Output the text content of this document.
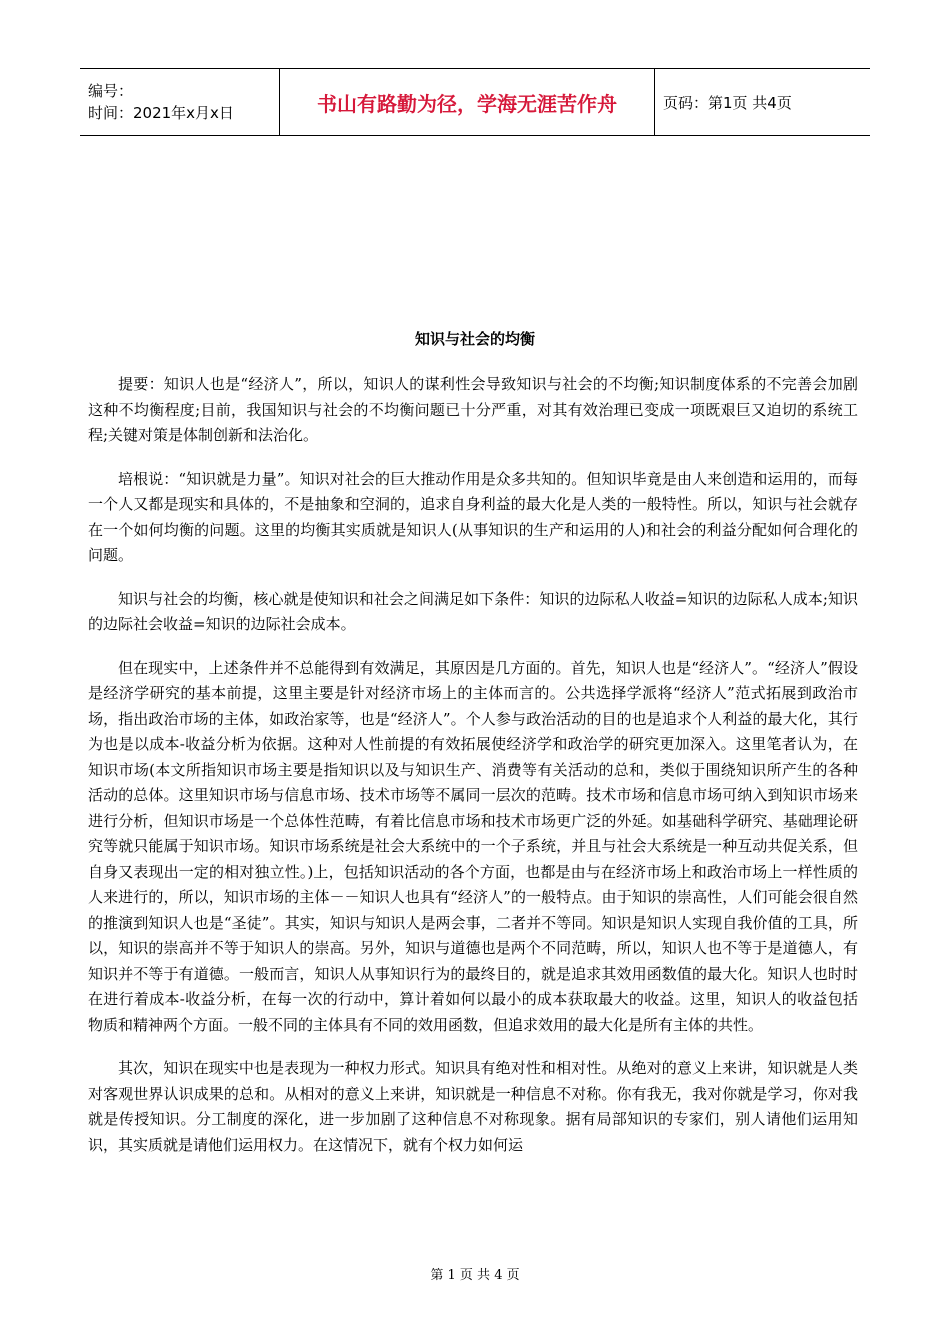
编号：
时间：2021年x月x日	书山有路勤为径，学海无涯苦作舟	页码：第1页 共4页
知识与社会的均衡

提要：知识人也是“经济人”，所以，知识人的谋利性会导致知识与社会的不均衡;知识制度体系的不完善会加剧这种不均衡程度;目前，我国知识与社会的不均衡问题已十分严重，对其有效治理已变成一项既艰巨又迫切的系统工程;关键对策是体制创新和法治化。

培根说：“知识就是力量”。知识对社会的巨大推动作用是众多共知的。但知识毕竟是由人来创造和运用的，而每一个人又都是现实和具体的，不是抽象和空洞的，追求自身利益的最大化是人类的一般特性。所以，知识与社会就存在一个如何均衡的问题。这里的均衡其实质就是知识人(从事知识的生产和运用的人)和社会的利益分配如何合理化的问题。

知识与社会的均衡，核心就是使知识和社会之间满足如下条件：知识的边际私人收益=知识的边际私人成本;知识的边际社会收益=知识的边际社会成本。

但在现实中，上述条件并不总能得到有效满足，其原因是几方面的。首先，知识人也是“经济人”。“经济人”假设是经济学研究的基本前提，这里主要是针对经济市场上的主体而言的。公共选择学派将“经济人”范式拓展到政治市场，指出政治市场的主体，如政治家等，也是“经济人”。个人参与政治活动的目的也是追求个人利益的最大化，其行为也是以成本-收益分析为依据。这种对人性前提的有效拓展使经济学和政治学的研究更加深入。这里笔者认为，在知识市场(本文所指知识市场主要是指知识以及与知识生产、消费等有关活动的总和，类似于围绕知识所产生的各种活动的总体。这里知识市场与信息市场、技术市场等不属同一层次的范畴。技术市场和信息市场可纳入到知识市场来进行分析，但知识市场是一个总体性范畴，有着比信息市场和技术市场更广泛的外延。如基础科学研究、基础理论研究等就只能属于知识市场。知识市场系统是社会大系统中的一个子系统，并且与社会大系统是一种互动共促关系，但自身又表现出一定的相对独立性。)上，包括知识活动的各个方面，也都是由与在经济市场上和政治市场上一样性质的人来进行的，所以，知识市场的主体－－知识人也具有“经济人”的一般特点。由于知识的崇高性，人们可能会很自然的推演到知识人也是“圣徒”。其实，知识与知识人是两会事，二者并不等同。知识是知识人实现自我价值的工具，所以，知识的崇高并不等于知识人的崇高。另外，知识与道德也是两个不同范畴，所以，知识人也不等于是道德人，有知识并不等于有道德。一般而言，知识人从事知识行为的最终目的，就是追求其效用函数值的最大化。知识人也时时在进行着成本-收益分析，在每一次的行动中，算计着如何以最小的成本获取最大的收益。这里，知识人的收益包括物质和精神两个方面。一般不同的主体具有不同的效用函数，但追求效用的最大化是所有主体的共性。

其次，知识在现实中也是表现为一种权力形式。知识具有绝对性和相对性。从绝对的意义上来讲，知识就是人类对客观世界认识成果的总和。从相对的意义上来讲，知识就是一种信息不对称。你有我无，我对你就是学习，你对我就是传授知识。分工制度的深化，进一步加剧了这种信息不对称现象。据有局部知识的专家们，别人请他们运用知识，其实质就是请他们运用权力。在这情况下，就有个权力如何运

第 1 页 共 4 页
